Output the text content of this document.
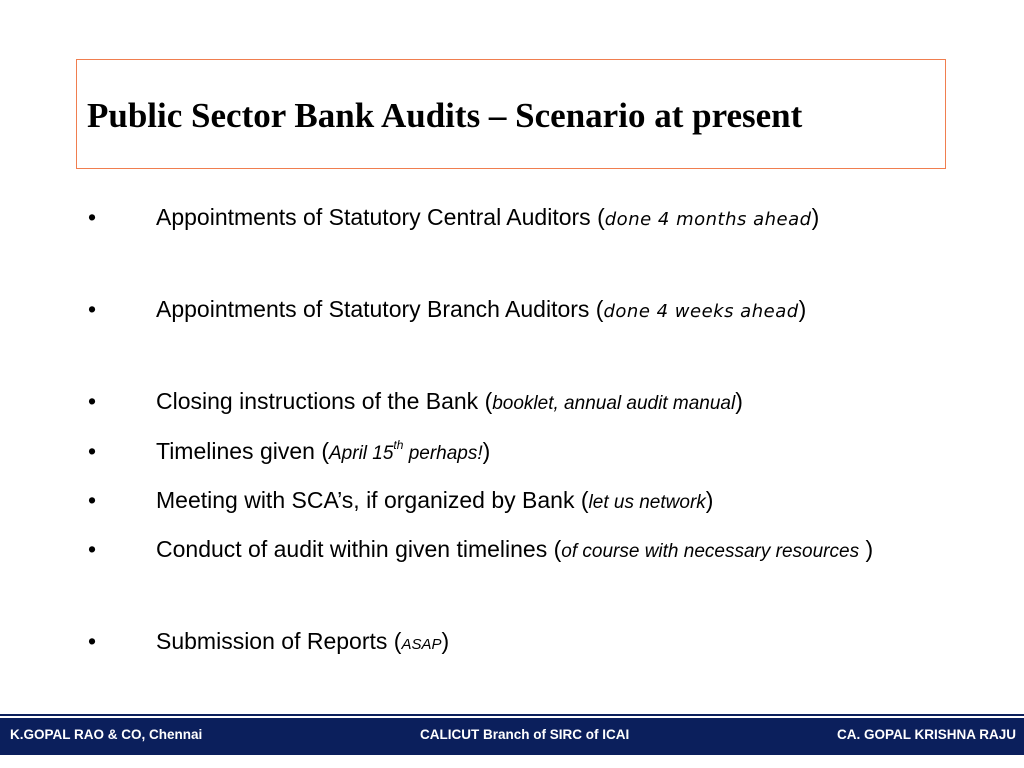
Public Sector Bank Audits – Scenario at present
•	Appointments of Statutory Central Auditors (done 4 months ahead)
•	Appointments of Statutory Branch Auditors (done 4 weeks ahead)
•	Closing instructions of the Bank (booklet, annual audit manual)
•	Timelines given (April 15th perhaps!)
•	Meeting with SCA’s, if organized by Bank (let us network)
•	Conduct of audit within given timelines (of course with necessary resources )
•	Submission of Reports (ASAP)
K.GOPAL RAO & CO, Chennai	CALICUT Branch of SIRC of ICAI	CA. GOPAL KRISHNA RAJU
